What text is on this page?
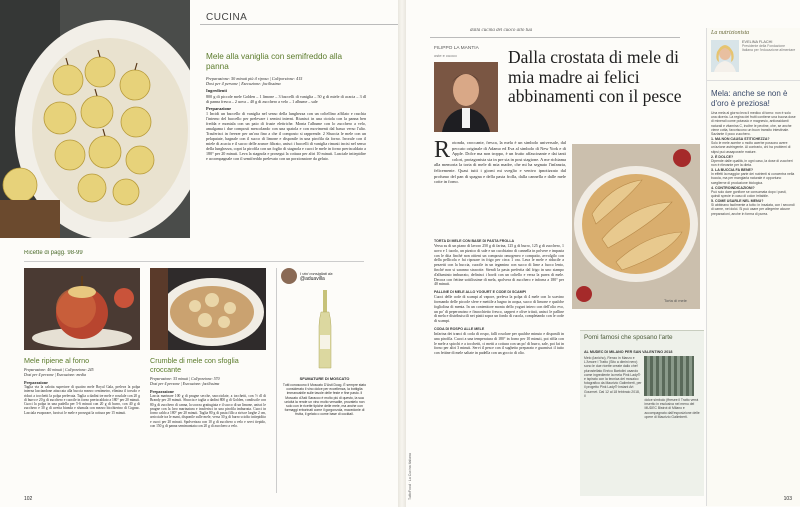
CUCINA
Mele alla vaniglia con semifreddo alla panna
Preparazione: 50 minuti più il riposo | Cal/porzione: 415
Dosi per 4 persone | Esecuzione: facilissima
Ingredienti
800 g di piccole mele Golden – 1 limone – 3 baccelli di vaniglia – 50 g di miele di acacia – 3 dl di panna fresca – 2 uova – 40 g di zucchero a velo – 1 albume – sale
Preparazione
1 Incidi un baccello di vaniglia nel senso della lunghezza con un coltellino affilato e raschia l'interno del baccello per prelevare i semini interni. Riunisci in una ciotola con la panna ben fredda e montala con un paio di fruste elettriche. Monta l'albume con lo zucchero a velo, amalgama i due composti mescolando con una spatola e con movimenti dal basso verso l'alto. Trasferisci in freezer per un'ora fino a che il composto si rapprende. 2 Sbuccia le mele con un pelapatate, bagnale con il succo di limone e disponile in una pirofila da forno. Irrorale con il miele di acacia e il succo delle arance filtrato, unisci i baccelli di vaniglia rimasti incisi nel senso della lunghezza, copri la pirofila con un foglio di stagnola e cuoci le mele in forno preriscaldato a 180° per 20 minuti. Leva la stagnola e prosegui la cottura per altri 10 minuti. Lasciale intiepidire e accompagnale con il semifreddo prelevato con un porzionatore da gelato.
Ricette di pagg. 98-99
Mele ripiene al forno
Preparazione: 40 minuti | Cal/porzione: 245
Dosi per 4 persone | Esecuzione: media
Preparazione
Taglia via la calotta superiore di quattro mele Royal Gala, preleva la polpa interna lasciandone attaccata alla buccia mezzo centimetro, elimina il torsolo e riduci a tocchetti la polpa prelevata. Taglia a dadini tre mele e rosolale con 20 g di burro e 20 g di zucchero e cuocile in forno preriscaldato a 180° per 20 minuti. Cuoci la polpa in una padella per 5-6 minuti con 20 g di burro, con 40 g di zucchero e 30 g di uvetta bionda e sfumala con mezzo bicchierino di Cognac. Lasciala evaporare, farcisci le mele e prosegui la cottura per 15 minuti.
Crumble di mele con sfoglia croccante
Preparazione: 55 minuti | Cal/porzione: 570
Dosi per 4 persone | Esecuzione: facilissima
Preparazione
Lascia marinare 100 g di prugne secche, snocciolate, a tocchetti, con ½ dl di Brandy per 20 minuti. Sbuccia e taglia a dadini 800 g di Golden, condiscile con 80 g di zucchero di canna, la scorza grattugiata e il succo di un limone, unisci le prugne con la loro marinatura e trasferisci in una pirofila imburrata. Cuoci in forno caldo a 180° per 20 minuti. Taglia 80 g di pasta fillo a strisce larghe 2 cm, arricciale tra le mani, disponile sulle mele, versa 30 g di burro sciolto intiepidito e cuoci per 20 minuti. Spolverizza con 10 g di zucchero a velo e servi tiepido, con 150 g di panna semimontata con 20 g di zucchero a velo.
I vini consigliati da
@aduavilla
SFUMATURE DI MOSCATO
Tutti conoscono il Moscato D'Asti Docg. È sempre stato considerato il vino dolce per eccellenza, la bottiglia immancabile sulle tavole delle feste e fine pasto. Il Moscato d'Asti Saracco è molto più di questo, la sua unicità la rende un vino molto versatile, provatelo non solo con le ricette tipiche delle mele, ma anche con formaggi erborinati come il gorgonzola, macedonie di frutta, il gelato o come base di cocktail.
102	TuttoFood · La Cucina Italiana
dalla cucina del cuoco allo tua
FILIPPO LA MANTIA
oste e cuoco	Dalla crostata di mele di mia madre ai felici abbinamenti con il pesce
R otonda, croccante, fresca, la mela è un simbolo universale, dal peccato originale di Adamo ed Eva al simbolo di New York e di Apple. Dolce ma non troppo, è un frutto affascinante e dai tanti colori, protagonista sia in pre sia in post stagione. A me richiama alla memoria la torta di mele di mia madre, che mi ha segnato l'infanzia, felicemente. Quasi tutti i giorni mi sveglio e venivo ipnotizzato dal profumo del pan di spagna e della pasta frolla, dalla cannella e dalle mele cotte in forno.
TORTA DI MELE CON BASE DI PASTA FROLLA
Versa su di un piano di lavoro 250 g di farina, 125 g di burro, 125 g di zucchero, 1 uovo e 1 tuorlo, un pizzico di sale e un cucchiaino di cannella in polvere e impasta con le dita finché non ottieni un composto omogeneo e compatto, avvolgilo con della pellicola e fai riposare in frigo per circa 1 ora. Lava le mele e riducile a pezzetti con la buccia, cuocile in un tegamino con succo di lime a fuoco lento, finché non si saranno stracotte. Stendi la pasta preferita dal frigo in uno stampo d'alluminio imburrato, definisci i bordi con un coltello e versa la purea di mele. Decora con fettine sottilissime di mela, spolvera di zucchero e inforna a 180° per 40 minuti.
PALLINE DI MELE ALLO YOGURT E CODE DI SCAMPI
Cuoci delle code di scampi al vapore, preleva la polpa di 4 mele con lo scavino formando delle piccole sfere e mettile a bagno in acqua, succo di limone e qualche fogliolina di menta. In un contenitore monta dello yogurt intero con dell'olio evo, un po' di peperoncino e finocchietto fresco, capperi e olive tritati, unisci le palline di mela e distribuiscili nei piatti sopra un fondo di rucola, completando con le code di scampi.
CODA DI ROSPO ALLE MELE
Infarina dei tranci di coda di rospo, fallì rosolare per qualche minuto e disponili in una pirofila. Cuoci a una temperatura di 180° in forno per 10 minuti, poi rifila con le mele a spicchi e a tocchetti, ci metti a cottura con un po' di burro, sale, poi fai in forno per altri 3 minuti. Servi il pesce con il sughetto preparato e guarnisci il tutto con fettine di mele saltate in padella con un goccio di olio.
Torta di mele
Pomi famosi che sposano l'arte
AL MUDEC DI MILANO PER SAN VALENTINO 2018
Melo (Ianicho), Renzo in Manzo e L'Amore I Tratto (Sito a dimini nero) sono le due ricette create dallo chef plurostellato Enrico Bartolini usando come ingrediente la mela Pink Lady® e ispirato con la tecnica del mosaico fotografico da Maurizio Galimberti, per il progetto Pink Lady® Instant Art Gourmet. Dal 12 al 18 febbraio 2018, il
dolce simbolo (ffresee il Tratto verrà inserito in esclusiva nel menu del MUDEC Bistrot di Milano e accompagnato dall'esposizione delle opere di Maurizio Galimberti.
La nutrizionista
EVELINA FLACHI
Presidente della Fondazione Italiana per l'educazione alimentare
Mela: anche se non è d'oro è preziosa!
Una mela al giorno leva il medico di torno: non è solo una diceria. La regina dei frutti contiene una buona dose di minerali come potassio e magnesio, antiossidanti naturali e vitamina C, inoltre le pectine, che, se anche viene cotta, favoriscono un buon transito intestinale. Saziante il poco zucchero.
1. MA NON CAUSA STITICHEZZA?
Solo le mele acerbe o molto acerbe possono avere un'azione astringente. Al contrario, chi ha problemi di stipsi può assaporarle mature.
2. È DOLCE?
Dipende dalle qualità, in ogni caso, la dose di zuccheri non è rilevante per la dieta.
3. LA BUCCIA FA BENE?
In effetti la maggior parte dei nutrienti si concentra nella buccia, ma per mangiarla naturale è opportuno sceglierne di produzione biologica.
4. CONTROINDICAZIONI?
Può solo dare gonfiore se consumata dopo i pasti, quindi specie in caso di colon irritabile.
5. COME USARLE NEL MENU?
Si abbinano facilmente a tutto: in insalata, con i secondi di carne, nei dolci. Si può usare per allegerire alcune preparazioni, anche in forma di purea.
103
